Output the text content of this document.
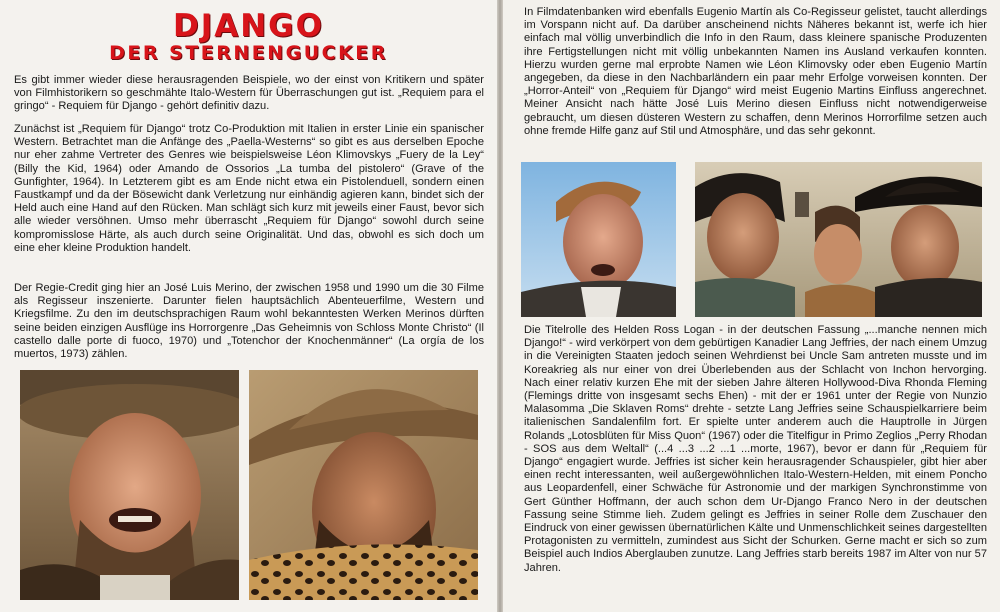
DJANGO
DER STERNENGUCKER

Es gibt immer wieder diese herausragenden Beispiele, wo der einst von Kritikern und später von Filmhistorikern so geschmähte Italo-Western für Überraschungen gut ist. „Requiem para el gringo“ - Requiem für Django - gehört definitiv dazu.

Zunächst ist „Requiem für Django“ trotz Co-Produktion mit Italien in erster Linie ein spanischer Western. Betrachtet man die Anfänge des „Paella-Westerns“ so gibt es aus derselben Epoche nur eher zahme Vertreter des Genres wie beispielsweise Léon Klimovskys „Fuery de la Ley“ (Billy the Kid, 1964) oder Amando de Ossorios „La tumba del pistolero“ (Grave of the Gunfighter, 1964). In Letzterem gibt es am Ende nicht etwa ein Pistolenduell, sondern einen Faustkampf und da der Bösewicht dank Verletzung nur einhändig agieren kann, bindet sich der Held auch eine Hand auf den Rücken. Man schlägt sich kurz mit jeweils einer Faust, bevor sich alle wieder versöhnen. Umso mehr überrascht „Requiem für Django“ sowohl durch seine kompromisslose Härte, als auch durch seine Originalität. Und das, obwohl es sich doch um eine eher kleine Produktion handelt.

Der Regie-Credit ging hier an José Luis Merino, der zwischen 1958 und 1990 um die 30 Filme als Regisseur inszenierte. Darunter fielen hauptsächlich Abenteuerfilme, Western und Kriegsfilme. Zu den im deutschsprachigen Raum wohl bekanntesten Werken Merinos dürften seine beiden einzigen Ausflüge ins Horrorgenre „Das Geheimnis von Schloss Monte Christo“ (Il castello dalle porte di fuoco, 1970) und „Totenchor der Knochenmänner“ (La orgía de los muertos, 1973) zählen.

In Filmdatenbanken wird ebenfalls Eugenio Martín als Co-Regisseur gelistet, taucht allerdings im Vorspann nicht auf. Da darüber anscheinend nichts Näheres bekannt ist, werfe ich hier einfach mal völlig unverbindlich die Info in den Raum, dass kleinere spanische Produzenten ihre Fertigstellungen nicht mit völlig unbekannten Namen ins Ausland verkaufen konnten. Hierzu wurden gerne mal erprobte Namen wie Léon Klimovsky oder eben Eugenio Martín angegeben, da diese in den Nachbarländern ein paar mehr Erfolge vorweisen konnten. Der „Horror-Anteil“ von „Requiem für Django“ wird meist Eugenio Martins Einfluss angerechnet. Meiner Ansicht nach hätte José Luis Merino diesen Einfluss nicht notwendigerweise gebraucht, um diesen düsteren Western zu schaffen, denn Merinos Horrorfilme setzen auch ohne fremde Hilfe ganz auf Stil und Atmosphäre, und das sehr gekonnt.

Die Titelrolle des Helden Ross Logan - in der deutschen Fassung „...manche nennen mich Django!“ - wird verkörpert von dem gebürtigen Kanadier Lang Jeffries, der nach einem Umzug in die Vereinigten Staaten jedoch seinen Wehrdienst bei Uncle Sam antreten musste und im Koreakrieg als nur einer von drei Überlebenden aus der Schlacht von Inchon hervorging. Nach einer relativ kurzen Ehe mit der sieben Jahre älteren Hollywood-Diva Rhonda Fleming (Flemings dritte von insgesamt sechs Ehen) - mit der er 1961 unter der Regie von Nunzio Malasomma „Die Sklaven Roms“ drehte - setzte Lang Jeffries seine Schauspielkarriere beim italienischen Sandalenfilm fort. Er spielte unter anderem auch die Hauptrolle in Jürgen Rolands „Lotosblüten für Miss Quon“ (1967) oder die Titelfigur in Primo Zeglios „Perry Rhodan - SOS aus dem Weltall“ (...4 ...3 ...2 ...1 ...morte, 1967), bevor er dann für „Requiem für Django“ engagiert wurde. Jeffries ist sicher kein herausragender Schauspieler, gibt hier aber einen recht interessanten, weil außergewöhnlichen Italo-Western-Helden, mit einem Poncho aus Leopardenfell, einer Schwäche für Astronomie und der markigen Synchronstimme von Gert Günther Hoffmann, der auch schon dem Ur-Django Franco Nero in der deutschen Fassung seine Stimme lieh. Zudem gelingt es Jeffries in seiner Rolle dem Zuschauer den Eindruck von einer gewissen übernatürlichen Kälte und Unmenschlichkeit seines dargestellten Protagonisten zu vermitteln, zumindest aus Sicht der Schurken. Gerne macht er sich so zum Beispiel auch Indios Aberglauben zunutze. Lang Jeffries starb bereits 1987 im Alter von nur 57 Jahren.
